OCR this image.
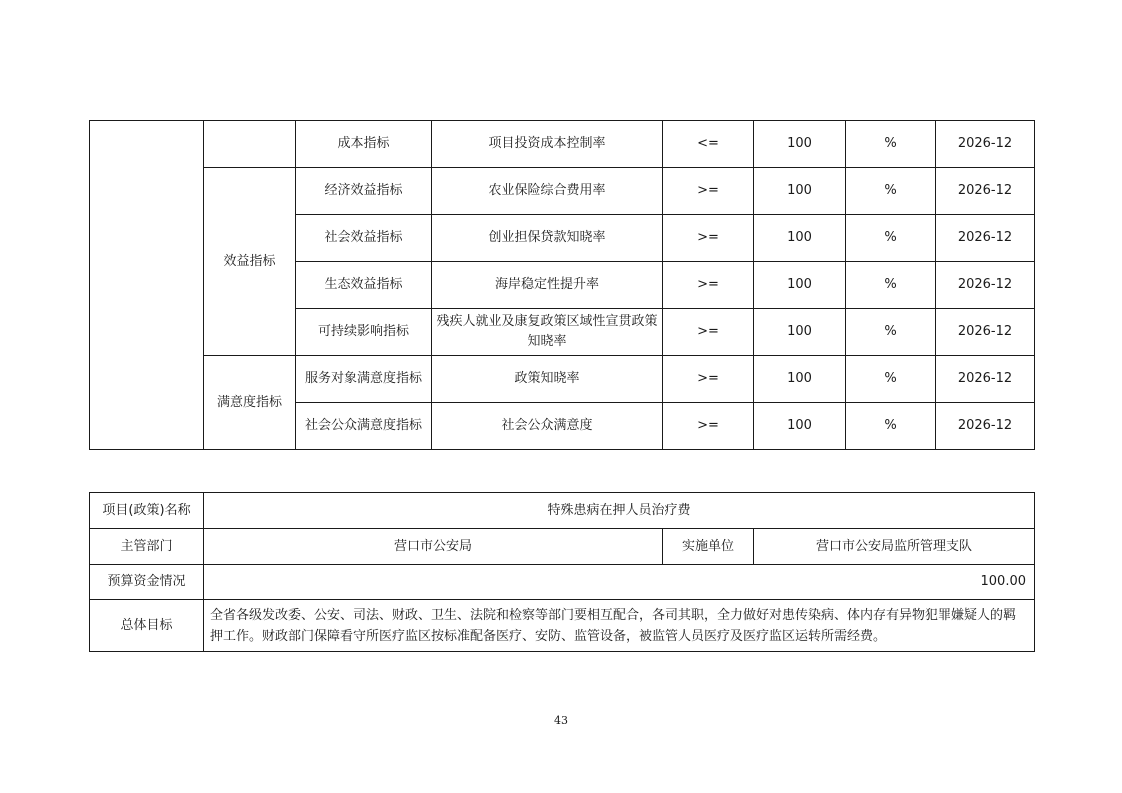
		成本指标	项目投资成本控制率	<=	100	%	2026-12
	效益指标	经济效益指标	农业保险综合费用率	>=	100	%	2026-12
		社会效益指标	创业担保贷款知晓率	>=	100	%	2026-12
		生态效益指标	海岸稳定性提升率	>=	100	%	2026-12
		可持续影响指标	残疾人就业及康复政策区域性宣贯政策知晓率	>=	100	%	2026-12
	满意度指标	服务对象满意度指标	政策知晓率	>=	100	%	2026-12
		社会公众满意度指标	社会公众满意度	>=	100	%	2026-12
项目(政策)名称	特殊患病在押人员治疗费		
主管部门	营口市公安局	实施单位	营口市公安局监所管理支队
预算资金情况	100.00		
总体目标	全省各级发改委、公安、司法、财政、卫生、法院和检察等部门要相互配合，各司其职，全力做好对患传染病、体内存有异物犯罪嫌疑人的羁押工作。财政部门保障看守所医疗监区按标准配备医疗、安防、监管设备，被监管人员医疗及医疗监区运转所需经费。		
43
